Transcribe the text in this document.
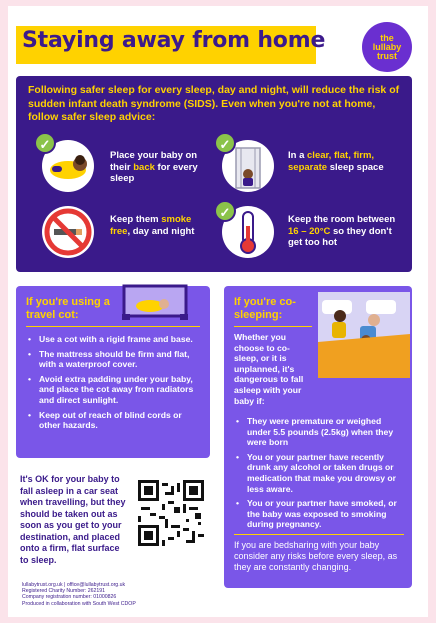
Staying away from home	the
lullaby
trust
Following safer sleep for every sleep, day and night, will reduce the risk of sudden infant death syndrome (SIDS). Even when you're not at home, follow safer sleep advice:
✓
Place your baby on their back for every sleep
✓
In a clear, flat, firm, separate sleep space
Keep them smoke free, day and night
✓	Keep the room between 16 – 20°C so they don't get too hot
If you're using a travel cot:
• Use a cot with a rigid frame and base.
• The mattress should be firm and flat, with a waterproof cover.
• Avoid extra padding under your baby, and place the cot away from radiators and direct sunlight.
• Keep out of reach of blind cords or other hazards.
If you're co-sleeping:
Whether you choose to co-sleep, or it is unplanned, it's dangerous to fall asleep with your baby if:
• They were premature or weighed under 5.5 pounds (2.5kg) when they were born
• You or your partner have recently drunk any alcohol or taken drugs or medication that make you drowsy or less aware.
• You or your partner have smoked, or the baby was exposed to smoking during pregnancy.
If you are bedsharing with your baby consider any risks before every sleep, as they are constantly changing.
It's OK for your baby to fall asleep in a car seat when travelling, but they should be taken out as soon as you get to your destination, and placed onto a firm, flat surface to sleep.
lullabytrust.org.uk | office@lullabytrust.org.uk
Registered Charity Number: 262191
Company registration number: 01000826
Produced in collaboration with South West CDOP
